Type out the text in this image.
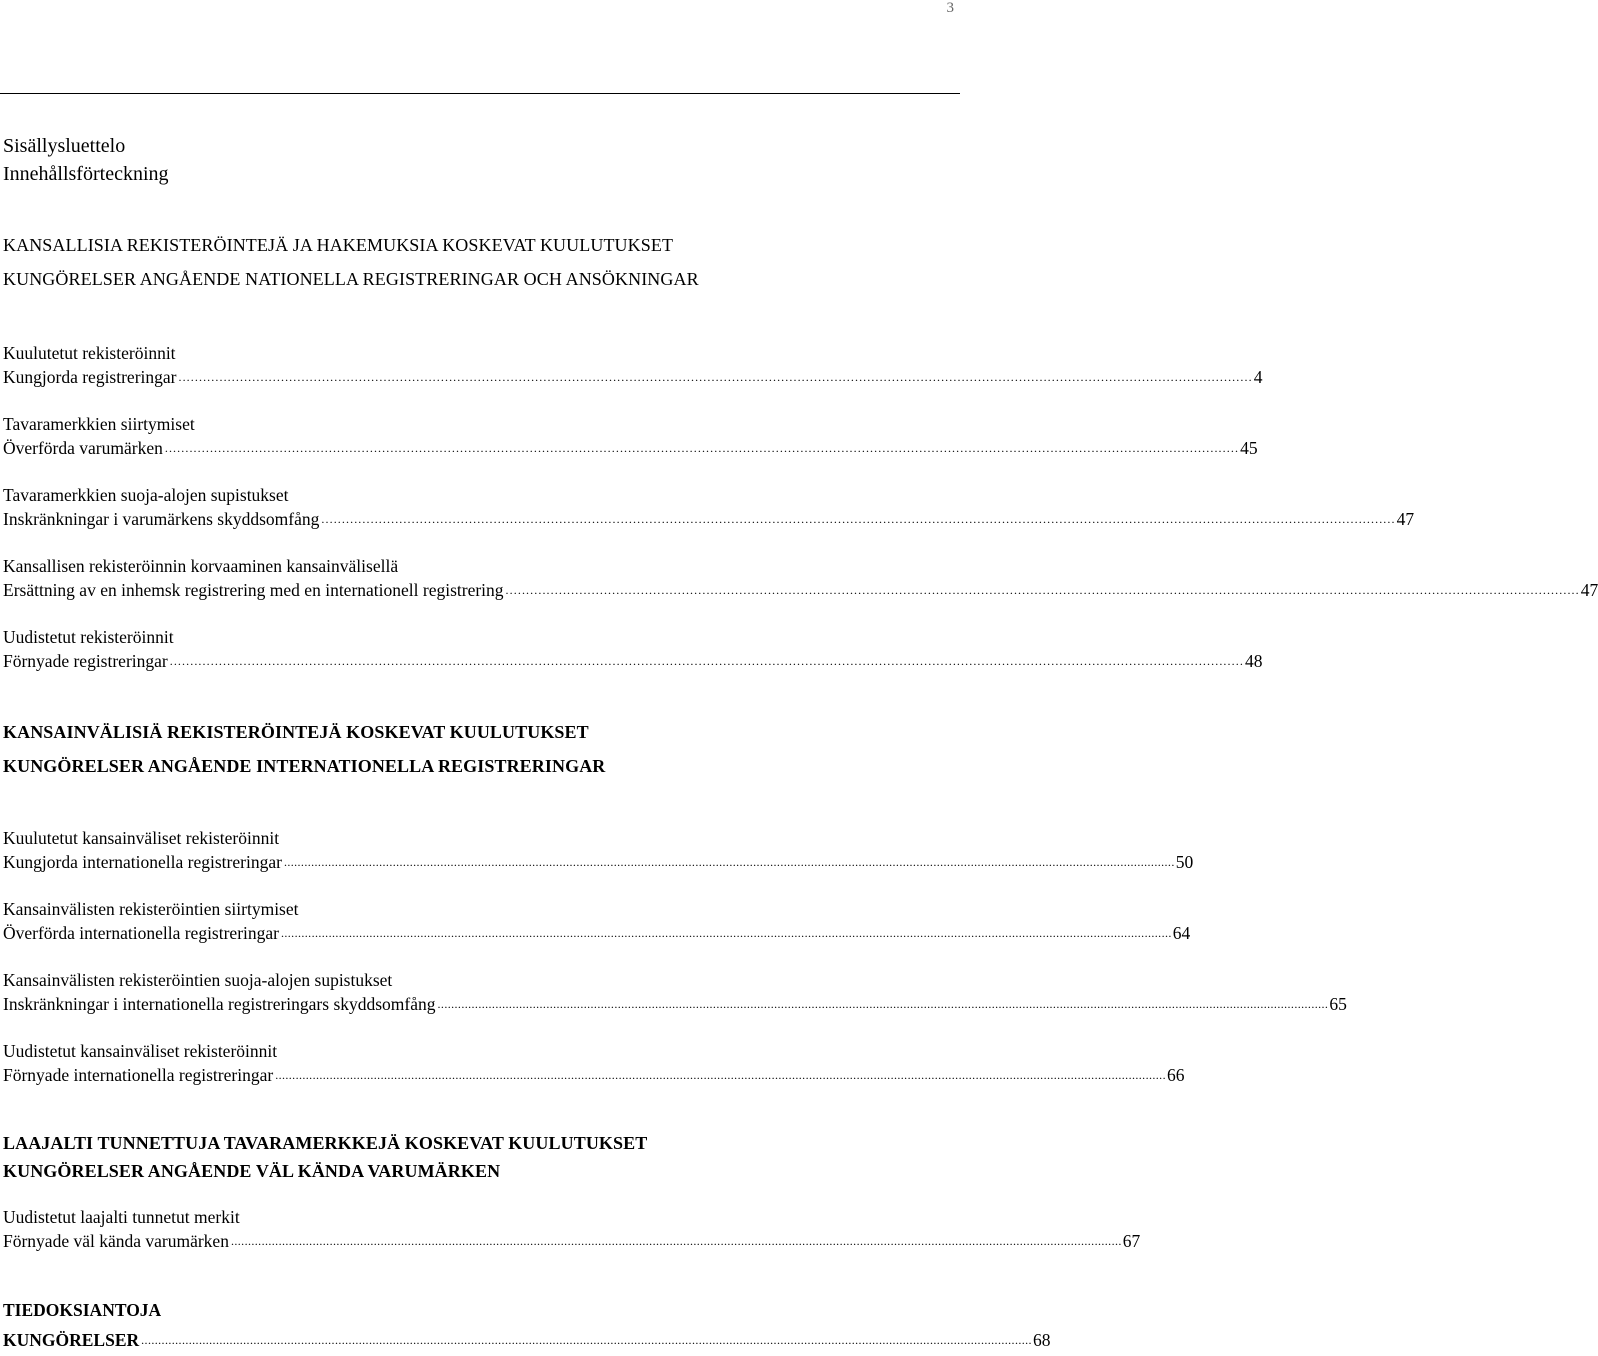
3
Sisällysluettelo
Innehållsförteckning
KANSALLISIA REKISTERÖINTEJÄ JA HAKEMUKSIA KOSKEVAT KUULUTUKSET
KUNGÖRELSER ANGÅENDE NATIONELLA REGISTRERINGAR OCH ANSÖKNINGAR
Kuulutetut rekisteröinnit
Kungjorda registreringar ...................................................................................................................................................................................................................................................................... 4
Tavaramerkkien siirtymiset
Överförda varumärken ...................................................................................................................................................................................................................................................................... 45
Tavaramerkkien suoja-alojen supistukset
Inskränkningar i varumärkens skyddsomfång ...................................................................................................................................................................................................................................................................... 47
Kansallisen rekisteröinnin korvaaminen kansainvälisellä
Ersättning av en inhemsk registrering med en internationell registrering ...................................................................................................................................................................................................................................................................... 47
Uudistetut rekisteröinnit
Förnyade registreringar ...................................................................................................................................................................................................................................................................... 48
KANSAINVÄLISIÄ REKISTERÖINTEJÄ KOSKEVAT KUULUTUKSET
KUNGÖRELSER ANGÅENDE INTERNATIONELLA REGISTRERINGAR
Kuulutetut kansainväliset rekisteröinnit
Kungjorda internationella registreringar ...................................................................................................................................................................................................................................................................... 50
Kansainvälisten rekisteröintien siirtymiset
Överförda internationella registreringar ...................................................................................................................................................................................................................................................................... 64
Kansainvälisten rekisteröintien suoja-alojen supistukset
Inskränkningar i internationella registreringars skyddsomfång ...................................................................................................................................................................................................................................................................... 65
Uudistetut kansainväliset rekisteröinnit
Förnyade internationella registreringar ...................................................................................................................................................................................................................................................................... 66
LAAJALTI TUNNETTUJA TAVARAMERKKEJÄ KOSKEVAT KUULUTUKSET
KUNGÖRELSER ANGÅENDE VÄL KÄNDA VARUMÄRKEN
Uudistetut laajalti tunnetut merkit
Förnyade väl kända varumärken ...................................................................................................................................................................................................................................................................... 67
TIEDOKSIANTOJA
KUNGÖRELSER ...................................................................................................................................................................................................................................................................... 68
